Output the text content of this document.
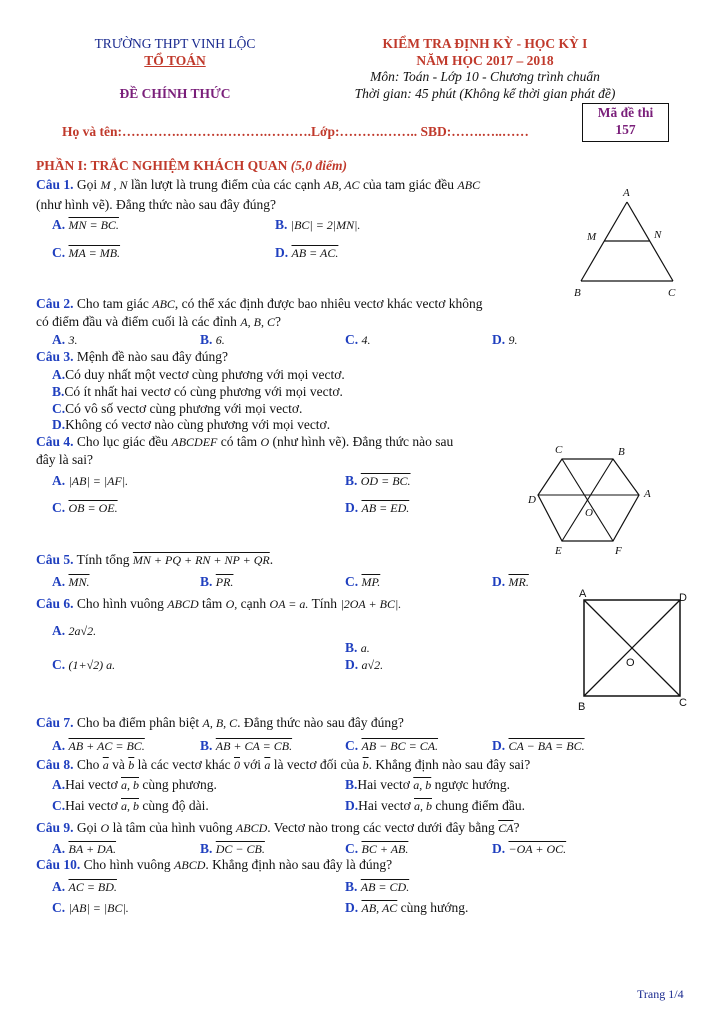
TRƯỜNG THPT VINH LỘC
TỔ TOÁN
ĐỀ CHÍNH THỨC
KIỂM TRA ĐỊNH KỲ - HỌC KỲ I
NĂM HỌC 2017 – 2018
Môn: Toán - Lớp 10 - Chương trình chuẩn
Thời gian: 45 phút (Không kể thời gian phát đề)
Mã đề thi
157
Họ và tên:………….……….……….……….Lớp:……….…….. SBD:…….…..……
PHẦN I: TRẮC NGHIỆM KHÁCH QUAN (5,0 điểm)
Câu 1. Gọi M , N lần lượt là trung điểm của các cạnh AB, AC của tam giác đều ABC
(như hình vẽ). Đẳng thức nào sau đây đúng?
A. MN = BC.	B. |BC| = 2|MN|.
C. MA = MB.	D. AB = AC.
A
M	N
B	C
Câu 2. Cho tam giác ABC, có thể xác định được bao nhiêu vectơ khác vectơ không
có điểm đầu và điểm cuối là các đỉnh A, B, C?
A. 3.	B. 6.	C. 4.	D. 9.
Câu 3. Mệnh đề nào sau đây đúng?
A.Có duy nhất một vectơ cùng phương với mọi vectơ.
B.Có ít nhất hai vectơ có cùng phương với mọi vectơ.
C.Có vô số vectơ cùng phương với mọi vectơ.
D.Không có vectơ nào cùng phương với mọi vectơ.
Câu 4. Cho lục giác đều ABCDEF có tâm O (như hình vẽ). Đẳng thức nào sau
đây là sai?
A. |AB| = |AF|.	B. OD = BC.
C. OB = OE.	D. AB = ED.
C	B
D	A
O
E	F
Câu 5. Tính tổng MN + PQ + RN + NP + QR.
A. MN.	B. PR.	C. MP.	D. MR.
Câu 6. Cho hình vuông ABCD tâm O, cạnh OA = a. Tính |2OA + BC|.
A. 2a√2.
B. a.
C. (1+√2) a.	D. a√2.
A	D
O
B	C
Câu 7. Cho ba điểm phân biệt A, B, C. Đẳng thức nào sau đây đúng?
A. AB + AC = BC.	B. AB + CA = CB.	C. AB − BC = CA.	D. CA − BA = BC.
Câu 8. Cho $\overline{a}$ và $\overline{b}$ là các vectơ khác 0 với $\overline{a}$ là vectơ đối của $\overline{b}$. Khẳng định nào sau đây sai?
A.Hai vectơ a, b cùng phương.	B.Hai vectơ a, b ngược hướng.
C.Hai vectơ a, b cùng độ dài.	D.Hai vectơ a, b chung điểm đầu.
Câu 9. Gọi O là tâm của hình vuông ABCD. Vectơ nào trong các vectơ dưới đây bằng $\overline{CA}$?
A. BA + DA.	B. DC − CB.	C. BC + AB.	D. −OA + OC.
Câu 10. Cho hình vuông ABCD. Khẳng định nào sau đây là đúng?
A. AC = BD.	B. AB = CD.
C. |AB| = |BC|.	D. AB, AC cùng hướng.
Trang 1/4
